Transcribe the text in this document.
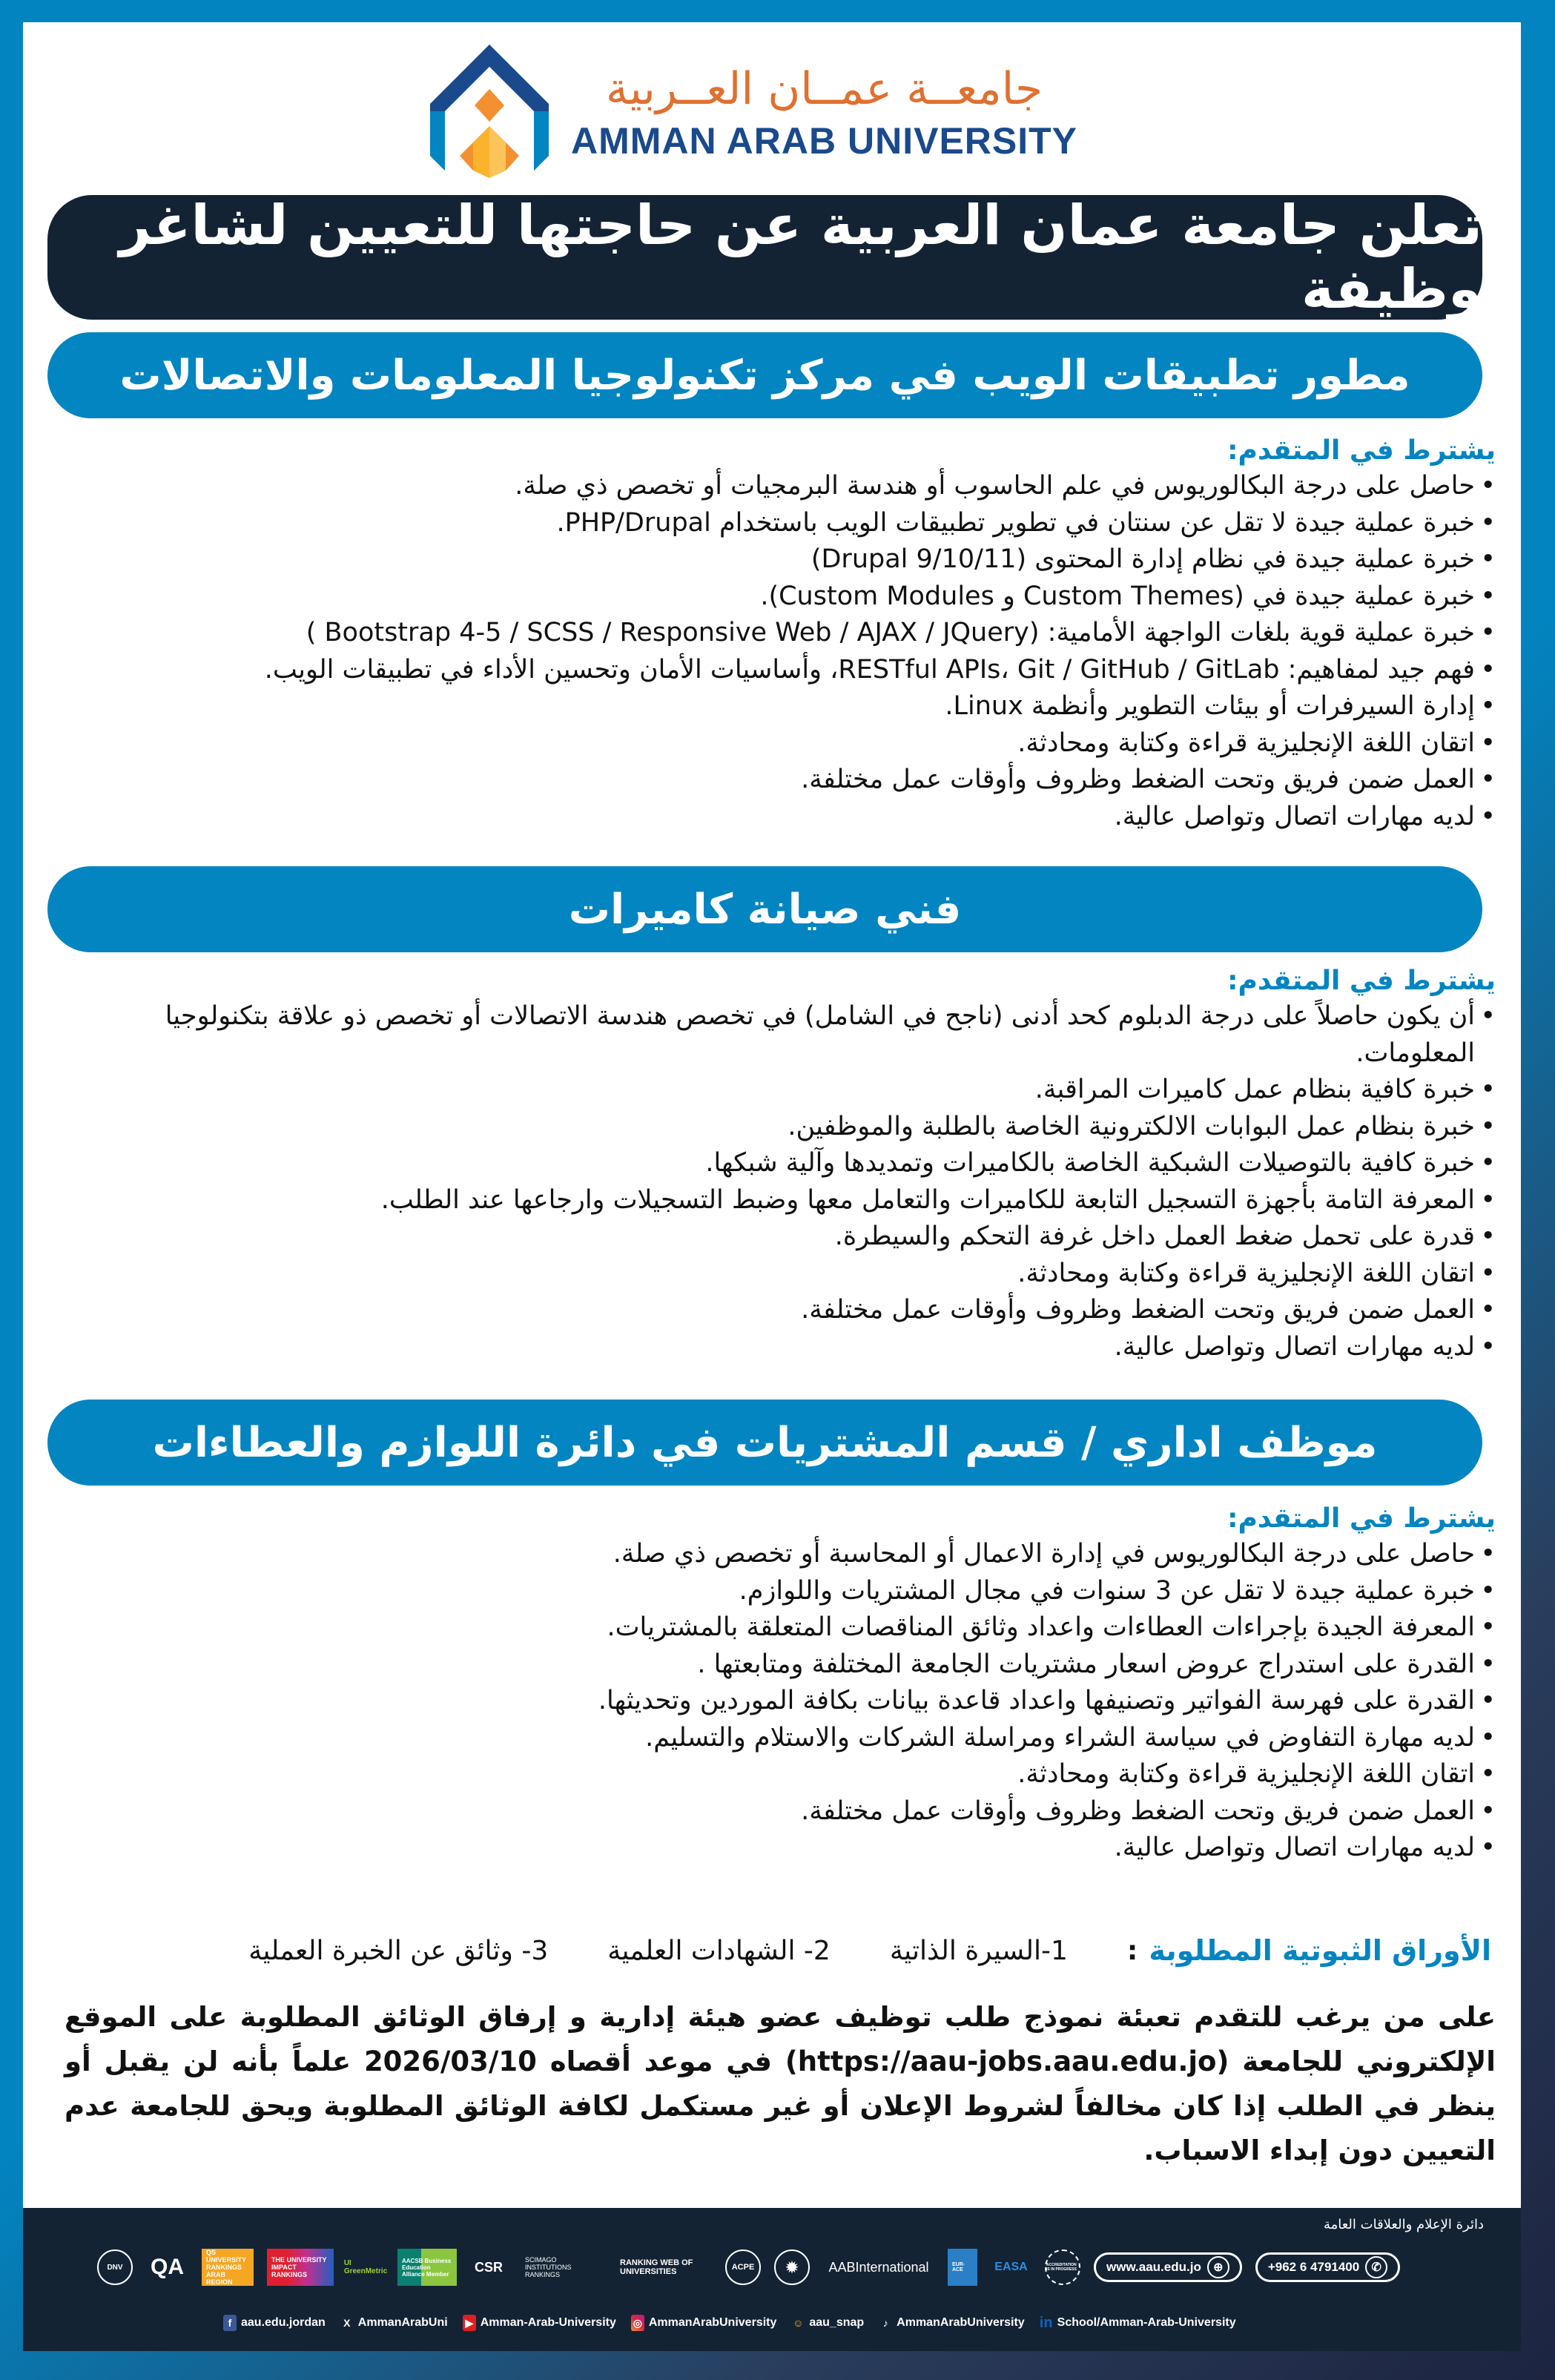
جامعــة عمــان العــربية
AMMAN ARAB UNIVERSITY
تعلن جامعة عمان العربية عن حاجتها للتعيين لشاغر وظيفة
مطور تطبيقات الويب في مركز تكنولوجيا المعلومات والاتصالات
يشترط في المتقدم:
• حاصل على درجة البكالوريوس في علم الحاسوب أو هندسة البرمجيات أو تخصص ذي صلة.
• خبرة عملية جيدة لا تقل عن سنتان في تطوير تطبيقات الويب باستخدام PHP/Drupal.
• خبرة عملية جيدة في نظام إدارة المحتوى (Drupal 9/10/11)
• خبرة عملية جيدة في (Custom Themes و Custom Modules).
• خبرة عملية قوية بلغات الواجهة الأمامية: (Bootstrap 4-5 / SCSS / Responsive Web / AJAX / JQuery )
• فهم جيد لمفاهيم: RESTful APIs، Git / GitHub / GitLab، وأساسيات الأمان وتحسين الأداء في تطبيقات الويب.
• إدارة السيرفرات أو بيئات التطوير وأنظمة Linux.
• اتقان اللغة الإنجليزية قراءة وكتابة ومحادثة.
• العمل ضمن فريق وتحت الضغط وظروف وأوقات عمل مختلفة.
• لديه مهارات اتصال وتواصل عالية.
فني صيانة كاميرات
يشترط في المتقدم:
• أن يكون حاصلاً على درجة الدبلوم كحد أدنى (ناجح في الشامل) في تخصص هندسة الاتصالات أو تخصص ذو علاقة بتكنولوجيا المعلومات.
• خبرة كافية بنظام عمل كاميرات المراقبة.
• خبرة بنظام عمل البوابات الالكترونية الخاصة بالطلبة والموظفين.
• خبرة كافية بالتوصيلات الشبكية الخاصة بالكاميرات وتمديدها وآلية شبكها.
• المعرفة التامة بأجهزة التسجيل التابعة للكاميرات والتعامل معها وضبط التسجيلات وارجاعها عند الطلب.
• قدرة على تحمل ضغط العمل داخل غرفة التحكم والسيطرة.
• اتقان اللغة الإنجليزية قراءة وكتابة ومحادثة.
• العمل ضمن فريق وتحت الضغط وظروف وأوقات عمل مختلفة.
• لديه مهارات اتصال وتواصل عالية.
موظف اداري / قسم المشتريات في دائرة اللوازم والعطاءات
يشترط في المتقدم:
• حاصل على درجة البكالوريوس في إدارة الاعمال أو المحاسبة أو تخصص ذي صلة.
• خبرة عملية جيدة لا تقل عن 3 سنوات في مجال المشتريات واللوازم.
• المعرفة الجيدة بإجراءات العطاءات واعداد وثائق المناقصات المتعلقة بالمشتريات.
• القدرة على استدراج عروض اسعار مشتريات الجامعة المختلفة ومتابعتها .
• القدرة على فهرسة الفواتير وتصنيفها واعداد قاعدة بيانات بكافة الموردين وتحديثها.
• لديه مهارة التفاوض في سياسة الشراء ومراسلة الشركات والاستلام والتسليم.
• اتقان اللغة الإنجليزية قراءة وكتابة ومحادثة.
• العمل ضمن فريق وتحت الضغط وظروف وأوقات عمل مختلفة.
• لديه مهارات اتصال وتواصل عالية.
الأوراق الثبوتية المطلوبة
:
1-السيرة الذاتية
2- الشهادات العلمية
3- وثائق عن الخبرة العملية
على من يرغب للتقدم تعبئة نموذج طلب توظيف عضو هيئة إدارية و إرفاق الوثائق المطلوبة على الموقع الإلكتروني للجامعة (https://aau-jobs.aau.edu.jo) في موعد أقصاه 2026/03/10 علماً بأنه لن يقبل أو ينظر في الطلب إذا كان مخالفاً لشروط الإعلان أو غير مستكمل لكافة الوثائق المطلوبة ويحق للجامعة عدم التعيين دون إبداء الاسباب.
دائرة الإعلام والعلاقات العامة
DNV	QA
QS UNIVERSITY RANKINGS ARAB REGION
THE UNIVERSITY IMPACT RANKINGS
UI GreenMetric
AACSB Business Education Alliance Member	CSR	SCIMAGO INSTITUTIONS RANKINGS
RANKING WEB OF UNIVERSITIES	ACPE	✹	AABInternational	EUR-ACE	EASA	ACCREDITATION IS IN PROGRESS	www.aau.edu.jo	⊕	+962 6 4791400	✆
f aau.edu.jordan	X AmmanArabUni ▶ Amman-Arab-University ◎ AmmanArabUniversity ☺ aau_snap	♪ AmmanArabUniversity in School/Amman-Arab-University
